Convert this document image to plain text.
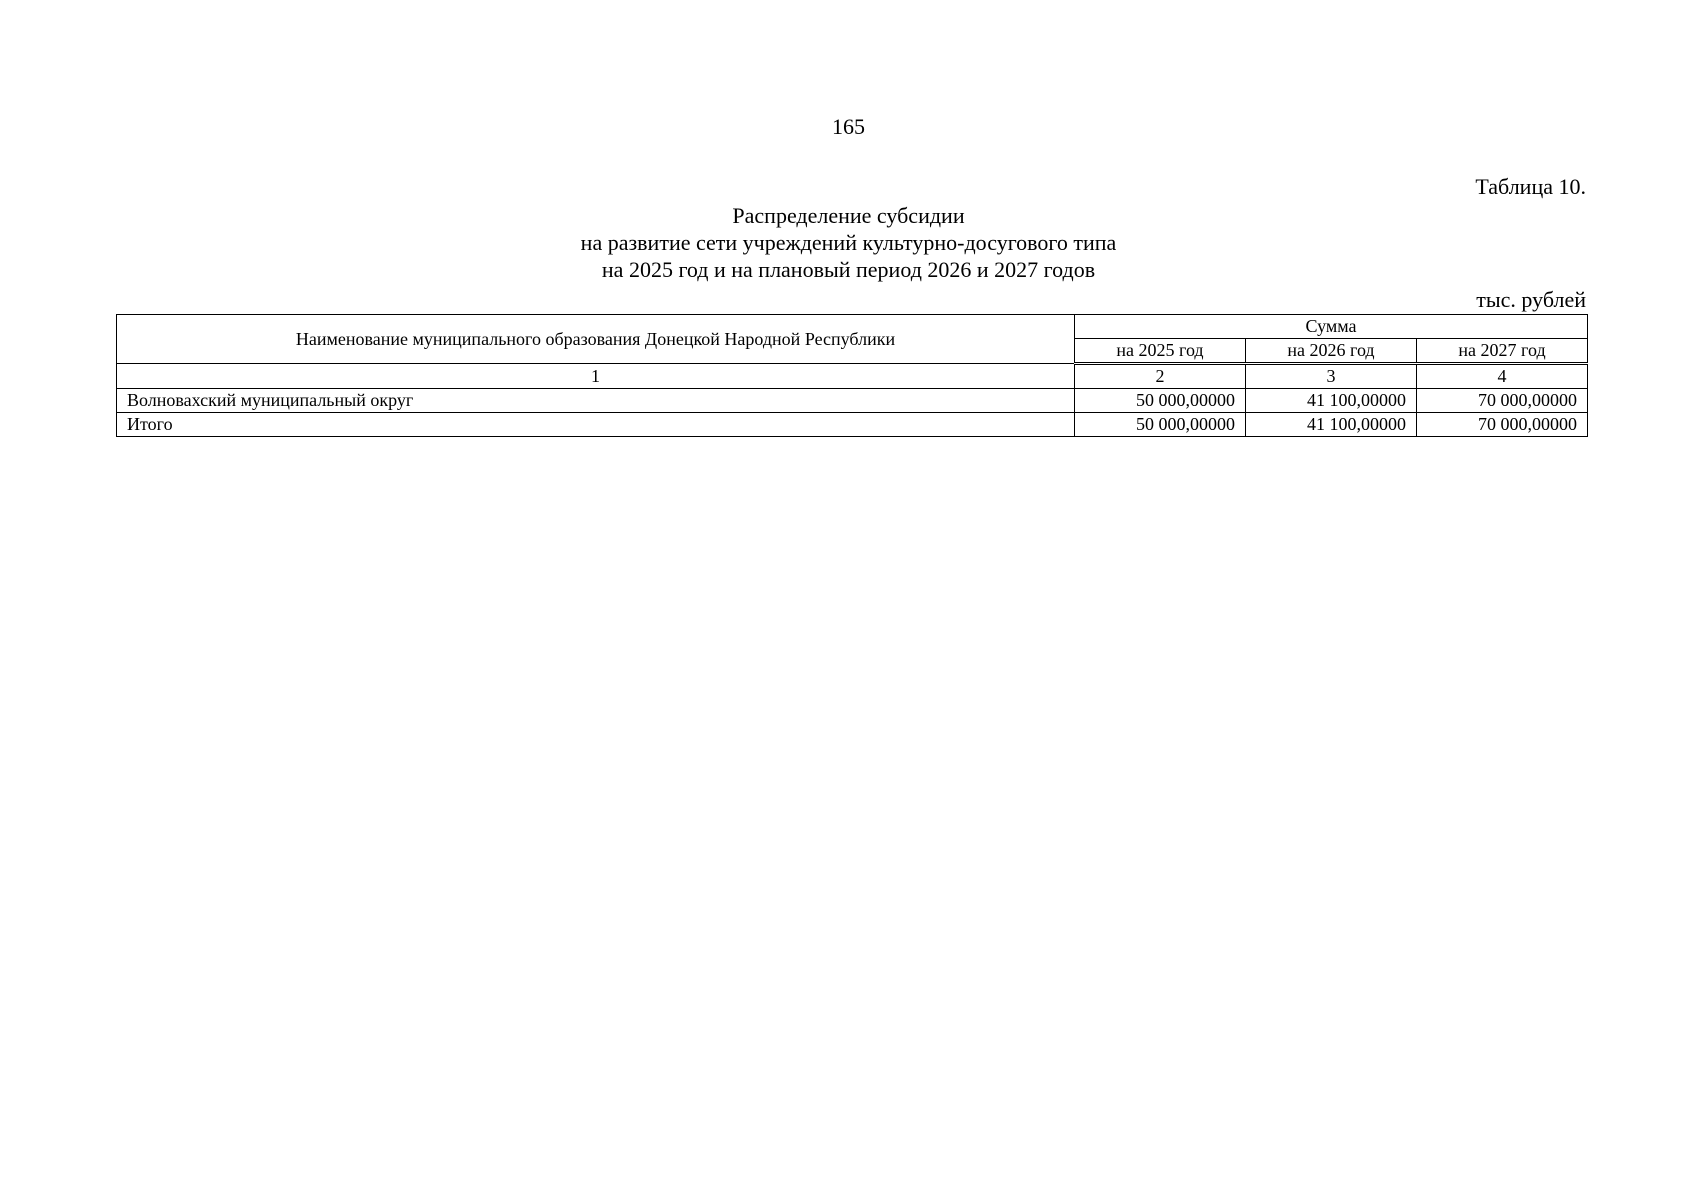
165
Таблица 10.
Распределение субсидии
на развитие сети учреждений культурно-досугового типа
на 2025 год и на плановый период 2026 и 2027 годов
тыс. рублей
Наименование муниципального образования Донецкой Народной Республики	Сумма		
	на 2025 год	на 2026 год	на 2027 год
1	2	3	4
Волновахский муниципальный округ	50 000,00000	41 100,00000	70 000,00000
Итого	50 000,00000	41 100,00000	70 000,00000
